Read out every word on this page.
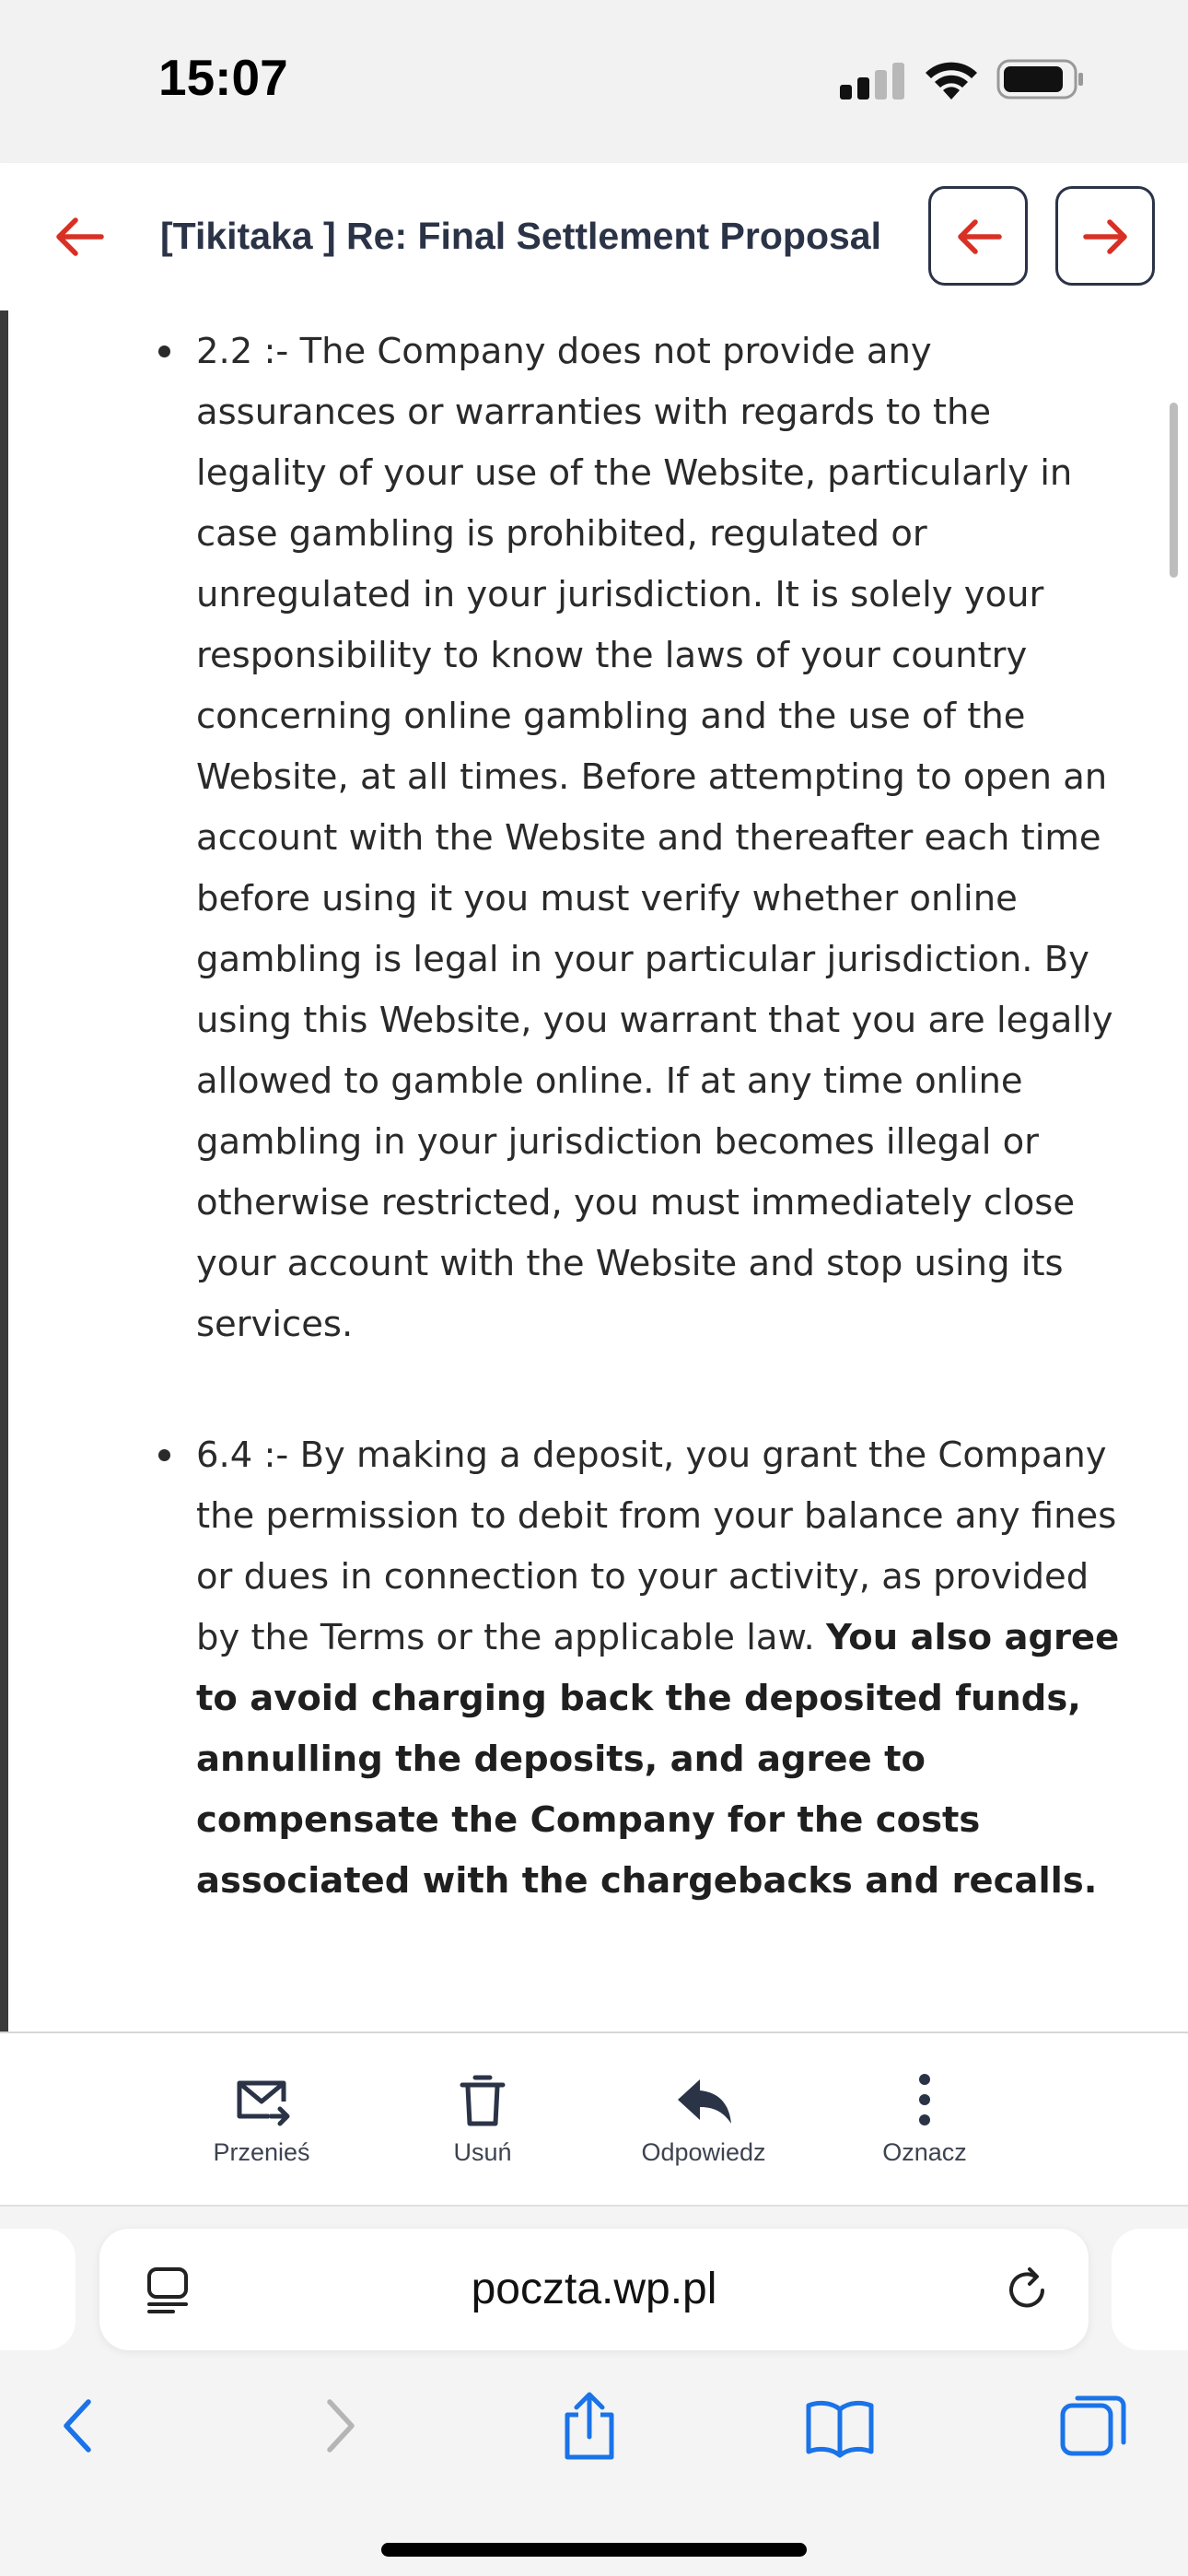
15:07
[Tikitaka ] Re: Final Settlement Proposal
2.2 :- The Company does not provide any assurances or warranties with regards to the legality of your use of the Website, particularly in case gambling is prohibited, regulated or unregulated in your jurisdiction. It is solely your responsibility to know the laws of your country concerning online gambling and the use of the Website, at all times. Before attempting to open an account with the Website and thereafter each time before using it you must verify whether online gambling is legal in your particular jurisdiction. By using this Website, you warrant that you are legally allowed to gamble online. If at any time online gambling in your jurisdiction becomes illegal or otherwise restricted, you must immediately close your account with the Website and stop using its services.
6.4 :- By making a deposit, you grant the Company the permission to debit from your balance any fines or dues in connection to your activity, as provided by the Terms or the applicable law. You also agree to avoid charging back the deposited funds, annulling the deposits, and agree to compensate the Company for the costs associated with the chargebacks and recalls.
Przenieś	Usuń	Odpowiedz	Oznacz
poczta.wp.pl
